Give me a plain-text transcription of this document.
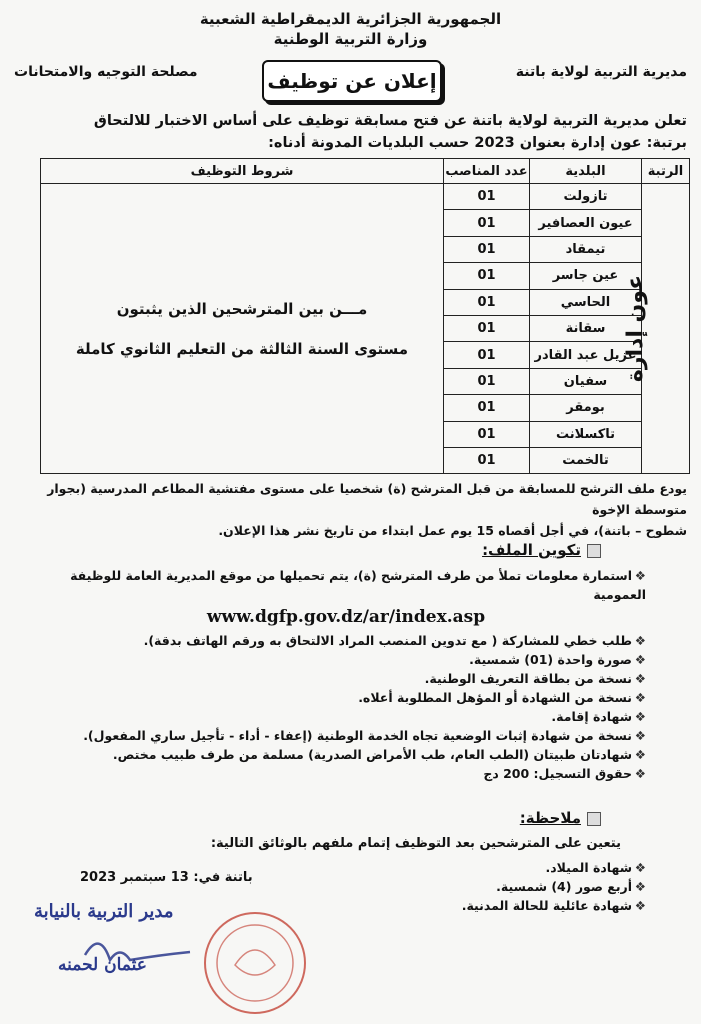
الجمهورية الجزائرية الديمقراطية الشعبية
وزارة التربية الوطنية
مديرية التربية لولاية باتنة
مصلحة التوجيه والامتحانات	إعلان عن توظيف
تعلن مديرية التربية لولاية باتنة عن فتح مسابقة توظيف على أساس الاختبار للالتحاق
برتبة: عون إدارة بعنوان 2023 حسب البلديات المدونة أدناه:
الرتبة	البلدية	عدد المناصب	شروط التوظيف
عون إدارة	تازولت	01	مـــن بين المترشحين الذين يثبتون
مستوى السنة الثالثة من التعليم الثانوي كاملة

	عيون العصافير	01	
	تيمقاد	01	
	عين جاسر	01	
	الحاسي	01	
	سقانة	01	
	عزيل عبد القادر	01	
	سفيان	01	
	بومقر	01	
	تاكسلانت	01	
	تالخمت	01	
يودع ملف الترشح للمسابقة من قبل المترشح (ة) شخصيا على مستوى مفتشية المطاعم المدرسية (بجوار متوسطة الإخوة
شطوح – باتنة)، في أجل أقصاه 15 يوم عمل ابتداء من تاريخ نشر هذا الإعلان.
تكوين الملف:
❖استمارة معلومات تملأ من طرف المترشح (ة)، يتم تحميلها من موقع المديرية العامة للوظيفة العمومية
www.dgfp.gov.dz/ar/index.asp
❖طلب خطي للمشاركة ( مع تدوين المنصب المراد الالتحاق به ورقم الهاتف بدقة).
❖صورة واحدة (01) شمسية.
❖نسخة من بطاقة التعريف الوطنية.
❖نسخة من الشهادة أو المؤهل المطلوبة أعلاه.
❖شهادة إقامة.
❖نسخة من شهادة إثبات الوضعية تجاه الخدمة الوطنية (إعفاء - أداء - تأجيل ساري المفعول).
❖شهادتان طبيتان (الطب العام، طب الأمراض الصدرية) مسلمة من طرف طبيب مختص.
❖حقوق التسجيل: 200 دج
ملاحظة:
يتعين على المترشحين بعد التوظيف إتمام ملفهم بالوثائق التالية:
❖شهادة الميلاد.
❖أربع صور (4) شمسية.
❖شهادة عائلية للحالة المدنية.
باتنة في: 13 سبتمبر 2023
مدير التربية بالنيابة
عثمان لحمنه
